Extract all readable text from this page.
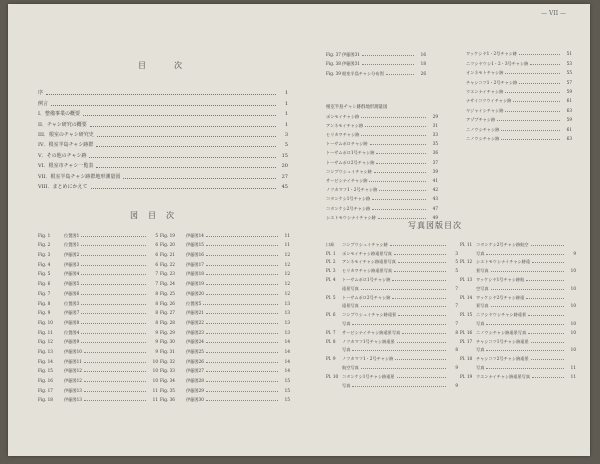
— VII —
目　次
序	1
例言	1
I．整備事業の概要	1
II．チャシ研究の概要	1
III．根室のチャシ研究史	3
IV．根室半島チャシ跡群	5
V．その他のチャシ跡	15
VI．根室市チャシ一覧表	20
VII．根室半島チャシ跡群地形測量図	27
VIII．まとめにかえて	45
図目次
Fig. 1	位置図1	5
Fig. 2	位置図1	6
Fig. 3	伊藤図2	6
Fig. 4	伊藤図3	6
Fig. 5	伊藤図4	7
Fig. 6	伊藤図5	7
Fig. 7	伊藤図6	8
Fig. 8	位置図3	8
Fig. 9	伊藤図7	8
Fig. 10	伊藤図8	8
Fig. 11	位置図4	9
Fig. 12	伊藤図9	9
Fig. 13	伊藤図10	9
Fig. 14	伊藤図11	10
Fig. 15	伊藤図12	10
Fig. 16	伊藤図12	10
Fig. 17	伊藤図13	11
Fig. 18	伊藤図13	11
Fig. 19	伊藤図14	11
Fig. 20	伊藤図15	11
Fig. 21	伊藤図16	12
Fig. 22	伊藤図17	12
Fig. 23	伊藤図18	12
Fig. 24	伊藤図19	12
Fig. 25	伊藤図20	12
Fig. 26	位置図5	13
Fig. 27	伊藤図21	13
Fig. 28	伊藤図22	13
Fig. 29	伊藤図23	13
Fig. 30	伊藤図24	14
Fig. 31	伊藤図25	14
Fig. 32	伊藤図26	14
Fig. 33	伊藤図27	14
Fig. 34	伊藤図28	15
Fig. 35	伊藤図29	15
Fig. 36	伊藤図30	15
Fig. 37 伊藤図31	16
Fig. 38 伊藤図31	18
Fig. 39 根室半島チャシ分布図	26
根室半島チャシ跡群地形測量図
ポンモイチャシ跡	29
アンネモイチャシ跡	31
ヒリカワチャシ跡	33
トーサムポロチャシ跡	35
トーサムポロ1号チャシ跡	36
トーサムポロ2号チャシ跡	37
コンブウシュイチャシ跡	39
サービシナイチャシ跡	41
ノツカマフ1・2号チャシ跡	42
コタンケシ1号チャシ跡	43
コタンケシ2号チャシ跡	47
シエトモウシナイチャシ跡	49
ワッケシヤ1・2号チャシ跡	51
ニツシヤウシ1・2・3号チャシ跡	53
オンネモトチャシ跡	55
チャシコツ1・2号チャシ跡	57
ウエンナイチャシ跡	59
ナサイコツウイチャシ跡	61
ヤジャイシチャシ跡	63
アゾブチャシ跡	59
ニノウシチャシ跡	61
ニノウシチャシ跡	63
写真図版目次
口絵	コンブウシュイチャシ跡
Pl. 1	ポンモイチャシ跡遠景写真	3
Pl. 2	アンネモイチャシ跡遠景写真	5
Pl. 3	ヒリカワチャシ跡遠景写真	5
Pl. 4	トーサムポロ1号チャシ跡
遠景写真	7
Pl. 5	トーサムポロ2号チャシ跡
遠景写真	7
Pl. 6	コンブウシュイチャシ跡遠景
写真	7
Pl. 7	サービシナイチャシ跡遠景写真	8
Pl. 8	ノツカマフ1号チャシ跡遠景
写真	8
Pl. 9	ノツカマフ1・2号チャシ跡
航空写真	9
Pl. 10 コタンケシ1号チャシ跡遠景
写真	9
Pl. 11 コタンケシ2号チャシ跡航空
写真	9
Pl. 12 シエトモウシナイチャシ跡遠
景写真	10
Pl. 13 ワッケシヤ1号チャシ跡航
空写真	10
Pl. 14 ワッケシヤ2号チャシ跡遠
景写真	10
Pl. 15 ニツシヤウシチャシ跡遠景
写真	10
Pl. 16 ニノウシチャシ跡遠景写真	10
Pl. 17 チャシコツ1号チャシ跡遠景
写真	10
Pl. 18 チャシコツ2号チャシ跡遠景
写真	11
Pl. 19 ウエンナイチャシ跡遠景写真	11
